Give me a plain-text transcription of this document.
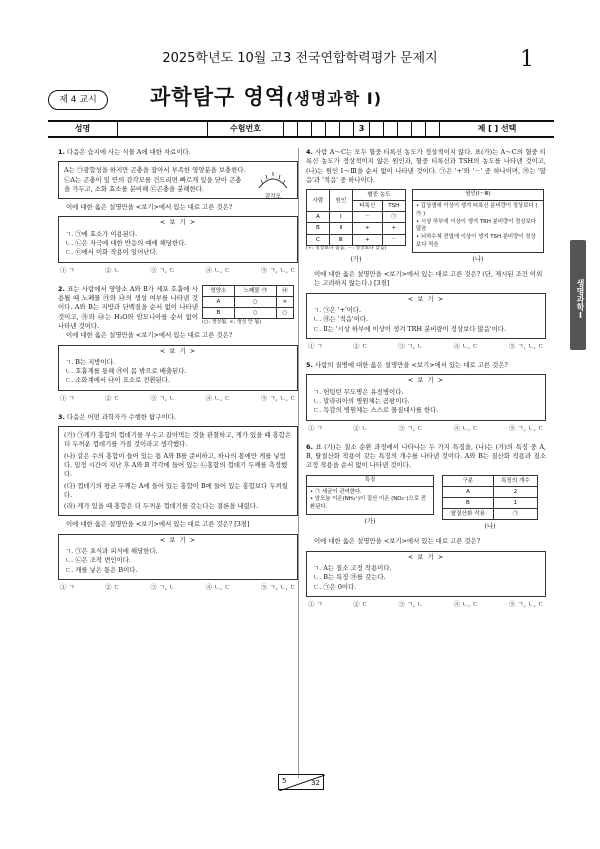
2025학년도 10월 고3 전국연합학력평가 문제지	1
제 4 교시	과학탐구 영역(생명과학 Ⅰ)
성명	수험번호	3	제 [ ] 선택
생명과학Ⅰ
1. 다음은 습지에 사는 식물 A에 대한 자료이다.
A는 ㉠광합성을 하지만 곤충을 잡아서 부족한 영양분을 보충한다. ㉡A는 곤충이 잎 안의 감각모를 건드리면 빠르게 잎을 닫아 곤충을 가두고, 소화 효소를 분비해 ㉢곤충을 분해한다.
감각모
이에 대한 옳은 설명만을 <보기>에서 있는 대로 고른 것은?
< 보 기 >
ㄱ. ㉠에 효소가 이용된다.
ㄴ. ㉡은 자극에 대한 반응의 예에 해당한다.
ㄷ. ㉢에서 이화 작용이 일어난다.
① ㄱ	② ㄴ	③ ㄱ, ㄷ	④ ㄴ, ㄷ	⑤ ㄱ, ㄴ, ㄷ
2. 표는 사람에서 영양소 A와 B가 세포 호흡에 사용될 때 노폐물 ㉮와 ㉯의 생성 여부를 나타낸 것이다. A와 B는 지방과 단백질을 순서 없이 나타낸 것이고, ㉮와 ㉯는 H₂O와 암모니아를 순서 없이 나타낸 것이다.
영양소	노폐물 ㉮	㉯
A	○	×
B	○	○
(○: 생성됨, ×: 생성 안 됨)
이에 대한 옳은 설명만을 <보기>에서 있는 대로 고른 것은?
< 보 기 >
ㄱ. B는 지방이다.
ㄴ. 호흡계를 통해 ㉮이 몸 밖으로 배출된다.
ㄷ. 소화계에서 ㉯이 요소로 전환된다.
① ㄱ	② ㄷ	③ ㄱ, ㄴ	④ ㄴ, ㄷ	⑤ ㄱ, ㄴ, ㄷ
3. 다음은 어떤 과학자가 수행한 탐구이다.
(가) ㉠게가 홍합의 껍데기를 부수고 잡아먹는 것을 관찰하고, 게가 있을 때 홍합은 더 두꺼운 껍데기를 가질 것이라고 생각했다.
(나) 같은 수의 홍합이 들어 있는 통 A와 B를 준비하고, 하나의 통에만 게를 넣었다. 일정 시간이 지난 후 A와 B 각각에 들어 있는 ㉡홍합의 껍데기 두께를 측정했다.
(다) 껍데기의 평균 두께는 A에 들어 있는 홍합이 B에 들어 있는 홍합보다 두꺼웠다.
(라) 게가 있을 때 홍합은 더 두꺼운 껍데기를 갖는다는 결론을 내렸다.
이에 대한 옳은 설명만을 <보기>에서 있는 대로 고른 것은? [3점]
< 보 기 >
ㄱ. ㉠은 포식과 피식에 해당한다.
ㄴ. ㉡은 조작 변인이다.
ㄷ. 게를 넣은 통은 B이다.
① ㄱ	② ㄷ	③ ㄱ, ㄴ	④ ㄴ, ㄷ	⑤ ㄱ, ㄴ, ㄷ
4. 사람 A～C는 모두 혈중 티록신 농도가 정상적이지 않다. 표(가)는 A～C의 혈중 티록신 농도가 정상적이지 않은 원인과, 혈중 티록신과 TSH의 농도를 나타낸 것이고, (나)는 원인 Ⅰ～Ⅲ을 순서 없이 나타낸 것이다. ㉠은 '+'와 '－' 중 하나이며, ㉮는 '많음'과 '적음' 중 하나이다.
사람	원인	혈중 농도	
		티록신	TSH
A	Ⅰ	－	㉠
B	Ⅱ	+	+
C	Ⅲ	+	－
(+: 정상보다 높음, －: 정상보다 낮음)
(가)
원인(Ⅰ～Ⅲ)
• 갑상샘에 이상이 생겨 티록신 분비량이 정상보다 ( ㉮ )
• 시상 하부에 이상이 생겨 TRH 분비량이 정상보다 많음
• 뇌하수체 전엽에 이상이 생겨 TSH 분비량이 정상보다 적음
(나)
이에 대한 옳은 설명만을 <보기>에서 있는 대로 고른 것은? (단, 제시된 조건 이외는 고려하지 않는다.) [3점]
< 보 기 >
ㄱ. ㉠은 '+'이다.
ㄴ. ㉮는 '적음'이다.
ㄷ. Ⅱ는 '시상 하부에 이상이 생겨 TRH 분비량이 정상보다 많음'이다.
① ㄱ	② ㄷ	③ ㄱ, ㄴ	④ ㄴ, ㄷ	⑤ ㄱ, ㄴ, ㄷ
5. 사람의 질병에 대한 옳은 설명만을 <보기>에서 있는 대로 고른 것은?
< 보 기 >
ㄱ. 헌팅턴 무도병은 유전병이다.
ㄴ. 말라리아의 병원체는 곰팡이다.
ㄷ. 독감의 병원체는 스스로 물질대사를 한다.
① ㄱ	② ㄴ	③ ㄱ, ㄷ	④ ㄴ, ㄷ	⑤ ㄱ, ㄴ, ㄷ
6. 표 (가)는 질소 순환 과정에서 나타나는 두 가지 특징을, (나)는 (가)의 특징 중 A, B, 탈질산화 작용이 갖는 특징의 개수를 나타낸 것이다. A와 B는 질산화 작용과 질소 고정 작용을 순서 없이 나타낸 것이다.
특징
• ㉠ 세균이 관여한다.
• 암모늄 이온(NH₄⁺)이 질산 이온 (NO₃⁻)으로 전환된다.
(가)
구분	특징의 개수
A	2
B	1
탈질산화 작용	㉠
(나)
이에 대한 옳은 설명만을 <보기>에서 있는 대로 고른 것은?
< 보 기 >
ㄱ. A는 질소 고정 작용이다.
ㄴ. B는 특징 ㉮를 갖는다.
ㄷ. ㉠은 0이다.
① ㄱ	② ㄷ	③ ㄱ, ㄴ	④ ㄴ, ㄷ	⑤ ㄱ, ㄴ, ㄷ
5	32
